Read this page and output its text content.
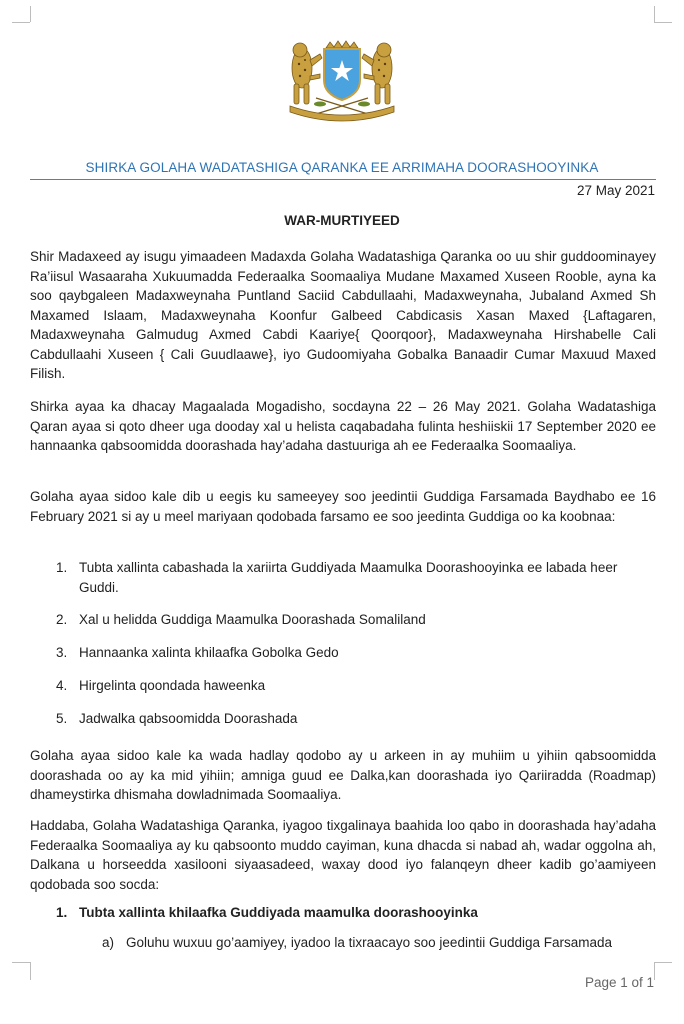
SHIRKA GOLAHA WADATASHIGA QARANKA EE ARRIMAHA DOORASHOOYINKA
27 May 2021
WAR-MURTIYEED

Shir Madaxeed ay isugu yimaadeen Madaxda Golaha Wadatashiga Qaranka oo uu shir guddoominayey Ra’iisul Wasaaraha Xukuumadda Federaalka Soomaaliya Mudane Maxamed Xuseen Rooble, ayna ka soo qaybgaleen Madaxweynaha Puntland Saciid Cabdullaahi, Madaxweynaha, Jubaland Axmed Sh Maxamed Islaam, Madaxweynaha Koonfur Galbeed Cabdicasis Xasan Maxed {Laftagaren, Madaxweynaha Galmudug Axmed Cabdi Kaariye{ Qoorqoor}, Madaxweynaha Hirshabelle Cali Cabdullaahi Xuseen { Cali Guudlaawe}, iyo Gudoomiyaha Gobalka Banaadir Cumar Maxuud Maxed Filish.

Shirka ayaa ka dhacay Magaalada Mogadisho, socdayna 22 – 26 May 2021. Golaha Wadatashiga Qaran ayaa si qoto dheer uga dooday xal u helista caqabadaha fulinta heshiiskii 17 September 2020 ee hannaanka qabsoomidda doorashada hay’adaha dastuuriga ah ee Federaalka Soomaaliya.

Golaha ayaa sidoo kale dib u eegis ku sameeyey soo jeedintii Guddiga Farsamada Baydhabo ee 16 February 2021 si ay u meel mariyaan qodobada farsamo ee soo jeedinta Guddiga oo ka koobnaa:

1. Tubta xallinta cabashada la xariirta Guddiyada Maamulka Doorashooyinka ee labada heer Guddi.
2. Xal u helidda Guddiga Maamulka Doorashada Somaliland
3. Hannaanka xalinta khilaafka Gobolka Gedo
4. Hirgelinta qoondada haweenka
5. Jadwalka qabsoomidda Doorashada

Golaha ayaa sidoo kale ka wada hadlay qodobo ay u arkeen in ay muhiim u yihiin qabsoomidda doorashada oo ay ka mid yihiin; amniga guud ee Dalka,kan doorashada iyo Qariiradda (Roadmap) dhameystirka dhismaha dowladnimada Soomaaliya.

Haddaba, Golaha Wadatashiga Qaranka, iyagoo tixgalinaya baahida loo qabo in doorashada hay’adaha Federaalka Soomaaliya ay ku qabsoonto muddo cayiman, kuna dhacda si nabad ah, wadar oggolna ah, Dalkana u horseedda xasilooni siyaasadeed, waxay dood iyo falanqeyn dheer kadib go’aamiyeen qodobada soo socda:

1. Tubta xallinta khilaafka Guddiyada maamulka doorashooyinka
a) Goluhu wuxuu go’aamiyey, iyadoo la tixraacayo soo jeedintii Guddiga Farsamada
Page 1 of 1
